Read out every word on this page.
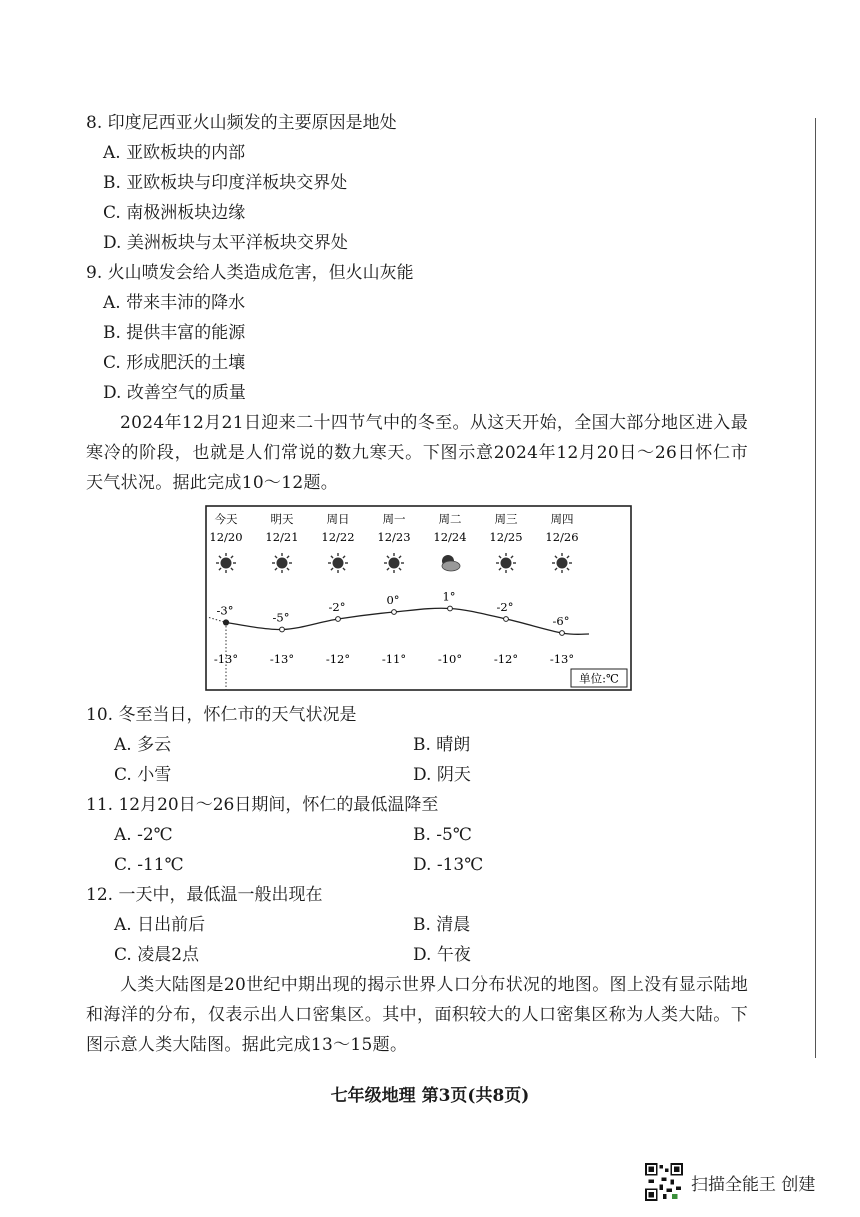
8. 印度尼西亚火山频发的主要原因是地处
A. 亚欧板块的内部
B. 亚欧板块与印度洋板块交界处
C. 南极洲板块边缘
D. 美洲板块与太平洋板块交界处
9. 火山喷发会给人类造成危害，但火山灰能
A. 带来丰沛的降水
B. 提供丰富的能源
C. 形成肥沃的土壤
D. 改善空气的质量

2024年12月21日迎来二十四节气中的冬至。从这天开始，全国大部分地区进入最寒冷的阶段，也就是人们常说的数九寒天。下图示意2024年12月20日～26日怀仁市天气状况。据此完成10～12题。

今天
12/20
明天
12/21
周日
12/22
周一
12/23
周二
12/24
周三
12/25
周四
12/26
-3°	-5°
-2°	0°	1°
-2°
-6°
-13°	-13°	-12°	-11°	-10°	-12°	-13°
单位:℃
10. 冬至当日，怀仁市的天气状况是
A. 多云	B. 晴朗
C. 小雪	D. 阴天
11. 12月20日～26日期间，怀仁的最低温降至
A. -2℃	B. -5℃
C. -11℃	D. -13℃
12. 一天中，最低温一般出现在
A. 日出前后	B. 清晨
C. 凌晨2点	D. 午夜

人类大陆图是20世纪中期出现的揭示世界人口分布状况的地图。图上没有显示陆地和海洋的分布，仅表示出人口密集区。其中，面积较大的人口密集区称为人类大陆。下图示意人类大陆图。据此完成13～15题。

七年级地理 第3页(共8页)
扫描全能王 创建
